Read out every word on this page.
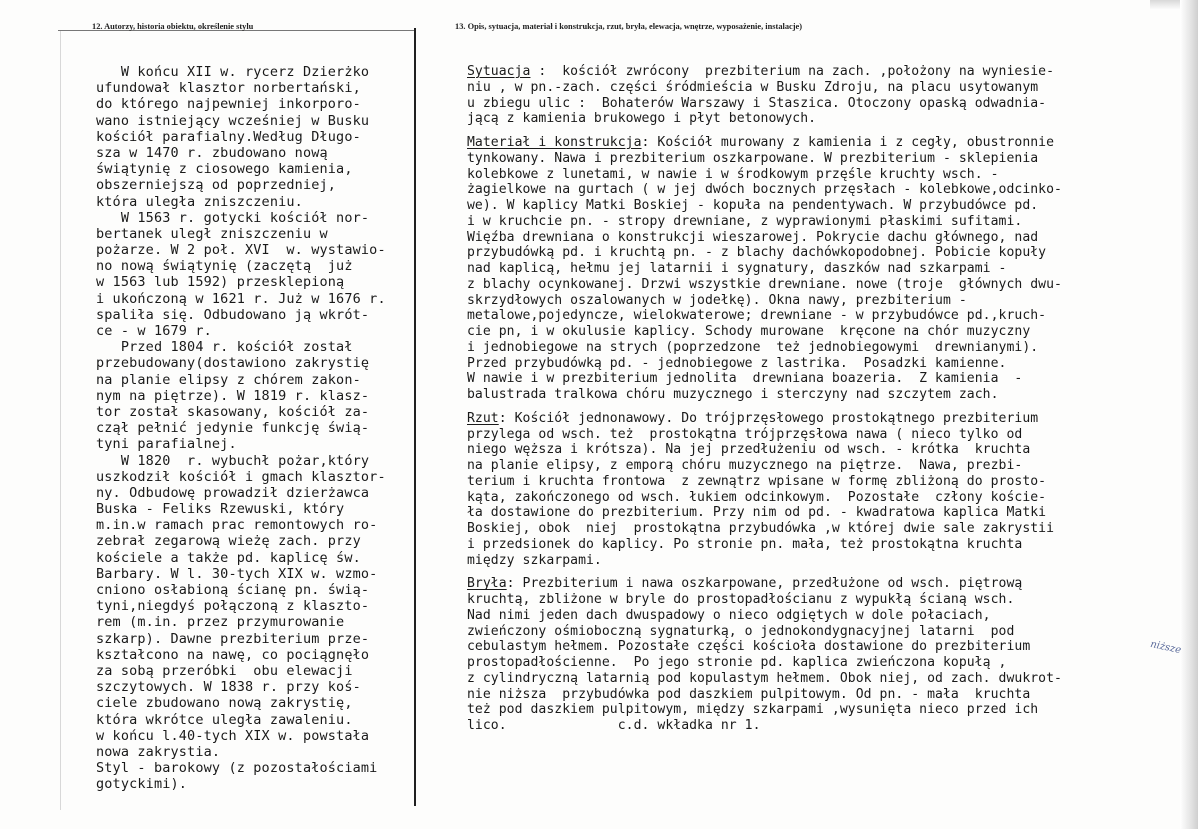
12. Autorzy, historia obiektu, określenie stylu	13. Opis, sytuacja, materiał i konstrukcja, rzut, bryła, elewacja, wnętrze, wyposażenie, instalacje)
W końcu XII w. rycerz Dzierżko
ufundował klasztor norbertański,
do którego najpewniej inkorporo-
wano istniejący wcześniej w Busku
kościół parafialny.Według Długo-
sza w 1470 r. zbudowano nową
świątynię z ciosowego kamienia,
obszerniejszą od poprzedniej,
która uległa zniszczeniu.
W 1563 r. gotycki kościół nor-
bertanek uległ zniszczeniu w
pożarze. W 2 poł. XVI  w. wystawio-
no nową świątynię (zaczętą  już
w 1563 lub 1592) przesklepioną
i ukończoną w 1621 r. Już w 1676 r.
spaliła się. Odbudowano ją wkrót-
ce - w 1679 r.
Przed 1804 r. kościół został
przebudowany(dostawiono zakrystię
na planie elipsy z chórem zakon-
nym na piętrze). W 1819 r. klasz-
tor został skasowany, kościół za-
czął pełnić jedynie funkcję świą-
tyni parafialnej.
W 1820  r. wybuchł pożar,który
uszkodził kościół i gmach klasztor-
ny. Odbudowę prowadził dzierżawca
Buska - Feliks Rzewuski, który
m.in.w ramach prac remontowych ro-
zebrał zegarową wieżę zach. przy
kościele a także pd. kaplicę św.
Barbary. W l. 30-tych XIX w. wzmo-
cniono osłabioną ścianę pn. świą-
tyni,niegdyś połączoną z klaszto-
rem (m.in. przez przymurowanie
szkarp). Dawne prezbiterium prze-
kształcono na nawę, co pociągnęło
za sobą przeróbki  obu elewacji
szczytowych. W 1838 r. przy koś-
ciele zbudowano nową zakrystię,
która wkrótce uległa zawaleniu.
w końcu l.40-tych XIX w. powstała
nowa zakrystia.
Styl - barokowy (z pozostałościami
gotyckimi).
Sytuacja :  kościół zwrócony  prezbiterium na zach. ,położony na wyniesie-
niu , w pn.-zach. części śródmieścia w Busku Zdroju, na placu usytowanym
u zbiegu ulic :  Bohaterów Warszawy i Staszica. Otoczony opaską odwadnia-
jącą z kamienia brukowego i płyt betonowych.
Materiał i konstrukcja: Kościół murowany z kamienia i z cegły, obustronnie
tynkowany. Nawa i prezbiterium oszkarpowane. W prezbiterium - sklepienia
kolebkowe z lunetami, w nawie i w środkowym przęśle kruchty wsch. -
żagielkowe na gurtach ( w jej dwóch bocznych przęsłach - kolebkowe,odcinko-
we). W kaplicy Matki Boskiej - kopuła na pendentywach. W przybudówce pd.
i w kruchcie pn. - stropy drewniane, z wyprawionymi płaskimi sufitami.
Więźba drewniana o konstrukcji wieszarowej. Pokrycie dachu głównego, nad
przybudówką pd. i kruchtą pn. - z blachy dachówkopodobnej. Pobicie kopuły
nad kaplicą, hełmu jej latarnii i sygnatury, daszków nad szkarpami -
z blachy ocynkowanej. Drzwi wszystkie drewniane. nowe (troje  głównych dwu-
skrzydłowych oszalowanych w jodełkę). Okna nawy, prezbiterium -
metalowe,pojedyncze, wielokwaterowe; drewniane - w przybudówce pd.,kruch-
cie pn, i w okulusie kaplicy. Schody murowane  kręcone na chór muzyczny
i jednobiegowe na strych (poprzedzone  też jednobiegowymi  drewnianymi).
Przed przybudówką pd. - jednobiegowe z lastrika.  Posadzki kamienne.
W nawie i w prezbiterium jednolita  drewniana boazeria.  Z kamienia  -
balustrada tralkowa chóru muzycznego i sterczyny nad szczytem zach.
Rzut: Kościół jednonawowy. Do trójprzęsłowego prostokątnego prezbiterium
przylega od wsch. też  prostokątna trójprzęsłowa nawa ( nieco tylko od
niego węższa i krótsza). Na jej przedłużeniu od wsch. - krótka  kruchta
na planie elipsy, z emporą chóru muzycznego na piętrze.  Nawa, prezbi-
terium i kruchta frontowa  z zewnątrz wpisane w formę zbliżoną do prosto-
kąta, zakończonego od wsch. łukiem odcinkowym.  Pozostałe  człony koście-
ła dostawione do prezbiterium. Przy nim od pd. - kwadratowa kaplica Matki
Boskiej, obok  niej  prostokątna przybudówka ,w której dwie sale zakrystii
i przedsionek do kaplicy. Po stronie pn. mała, też prostokątna kruchta
między szkarpami.
Bryła: Prezbiterium i nawa oszkarpowane, przedłużone od wsch. piętrową
kruchtą, zbliżone w bryle do prostopadłościanu z wypukłą ścianą wsch.
Nad nimi jeden dach dwuspadowy o nieco odgiętych w dole połaciach,
zwieńczony ośmioboczną sygnaturką, o jednokondygnacyjnej latarni  pod
cebulastym hełmem. Pozostałe części kościoła dostawione do prezbiterium
prostopadłościenne.  Po jego stronie pd. kaplica zwieńczona kopułą ,
z cylindryczną latarnią pod kopulastym hełmem. Obok niej, od zach. dwukrot-
nie niższa  przybudówka pod daszkiem pulpitowym. Od pn. - mała  kruchta
też pod daszkiem pulpitowym, między szkarpami ,wysunięta nieco przed ich
lico.              c.d. wkładka nr 1.
niższe
